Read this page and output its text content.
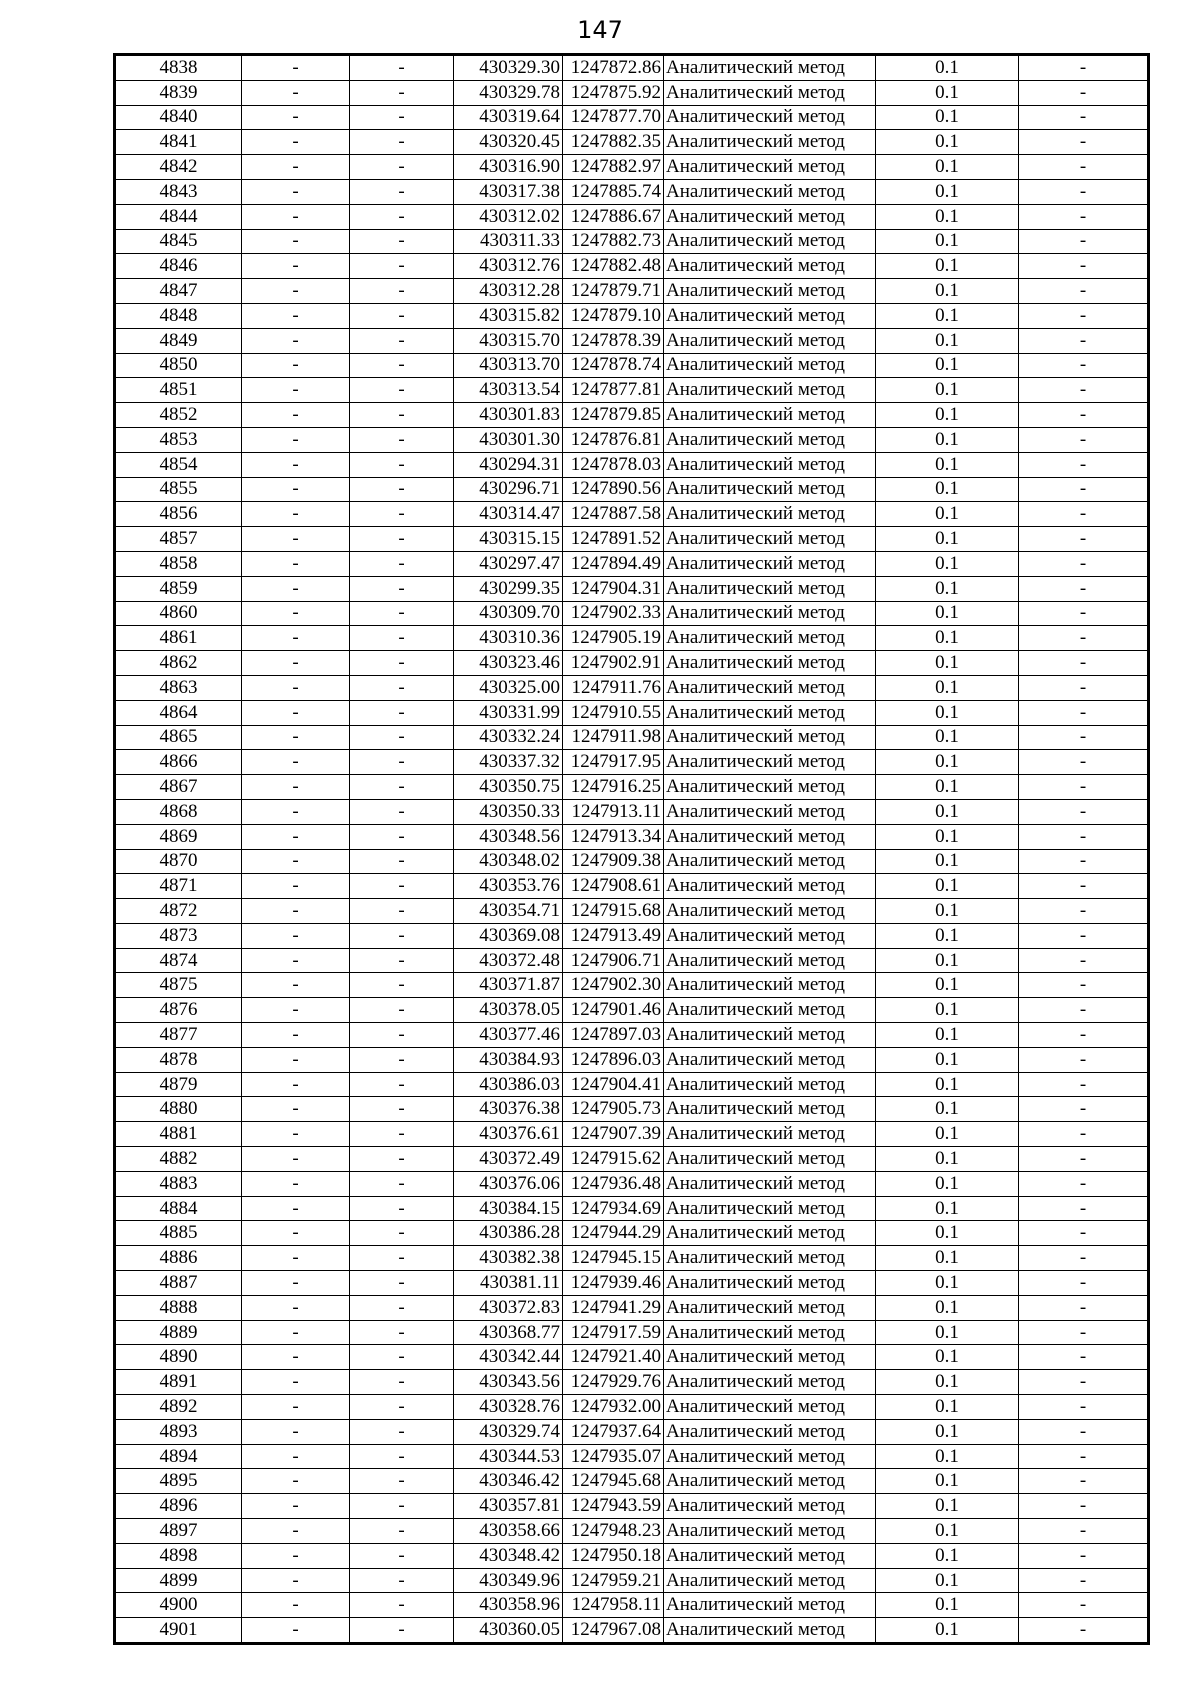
147
4838	-	-	430329.30	1247872.86	Аналитический метод	0.1	-
4839	-	-	430329.78	1247875.92	Аналитический метод	0.1	-
4840	-	-	430319.64	1247877.70	Аналитический метод	0.1	-
4841	-	-	430320.45	1247882.35	Аналитический метод	0.1	-
4842	-	-	430316.90	1247882.97	Аналитический метод	0.1	-
4843	-	-	430317.38	1247885.74	Аналитический метод	0.1	-
4844	-	-	430312.02	1247886.67	Аналитический метод	0.1	-
4845	-	-	430311.33	1247882.73	Аналитический метод	0.1	-
4846	-	-	430312.76	1247882.48	Аналитический метод	0.1	-
4847	-	-	430312.28	1247879.71	Аналитический метод	0.1	-
4848	-	-	430315.82	1247879.10	Аналитический метод	0.1	-
4849	-	-	430315.70	1247878.39	Аналитический метод	0.1	-
4850	-	-	430313.70	1247878.74	Аналитический метод	0.1	-
4851	-	-	430313.54	1247877.81	Аналитический метод	0.1	-
4852	-	-	430301.83	1247879.85	Аналитический метод	0.1	-
4853	-	-	430301.30	1247876.81	Аналитический метод	0.1	-
4854	-	-	430294.31	1247878.03	Аналитический метод	0.1	-
4855	-	-	430296.71	1247890.56	Аналитический метод	0.1	-
4856	-	-	430314.47	1247887.58	Аналитический метод	0.1	-
4857	-	-	430315.15	1247891.52	Аналитический метод	0.1	-
4858	-	-	430297.47	1247894.49	Аналитический метод	0.1	-
4859	-	-	430299.35	1247904.31	Аналитический метод	0.1	-
4860	-	-	430309.70	1247902.33	Аналитический метод	0.1	-
4861	-	-	430310.36	1247905.19	Аналитический метод	0.1	-
4862	-	-	430323.46	1247902.91	Аналитический метод	0.1	-
4863	-	-	430325.00	1247911.76	Аналитический метод	0.1	-
4864	-	-	430331.99	1247910.55	Аналитический метод	0.1	-
4865	-	-	430332.24	1247911.98	Аналитический метод	0.1	-
4866	-	-	430337.32	1247917.95	Аналитический метод	0.1	-
4867	-	-	430350.75	1247916.25	Аналитический метод	0.1	-
4868	-	-	430350.33	1247913.11	Аналитический метод	0.1	-
4869	-	-	430348.56	1247913.34	Аналитический метод	0.1	-
4870	-	-	430348.02	1247909.38	Аналитический метод	0.1	-
4871	-	-	430353.76	1247908.61	Аналитический метод	0.1	-
4872	-	-	430354.71	1247915.68	Аналитический метод	0.1	-
4873	-	-	430369.08	1247913.49	Аналитический метод	0.1	-
4874	-	-	430372.48	1247906.71	Аналитический метод	0.1	-
4875	-	-	430371.87	1247902.30	Аналитический метод	0.1	-
4876	-	-	430378.05	1247901.46	Аналитический метод	0.1	-
4877	-	-	430377.46	1247897.03	Аналитический метод	0.1	-
4878	-	-	430384.93	1247896.03	Аналитический метод	0.1	-
4879	-	-	430386.03	1247904.41	Аналитический метод	0.1	-
4880	-	-	430376.38	1247905.73	Аналитический метод	0.1	-
4881	-	-	430376.61	1247907.39	Аналитический метод	0.1	-
4882	-	-	430372.49	1247915.62	Аналитический метод	0.1	-
4883	-	-	430376.06	1247936.48	Аналитический метод	0.1	-
4884	-	-	430384.15	1247934.69	Аналитический метод	0.1	-
4885	-	-	430386.28	1247944.29	Аналитический метод	0.1	-
4886	-	-	430382.38	1247945.15	Аналитический метод	0.1	-
4887	-	-	430381.11	1247939.46	Аналитический метод	0.1	-
4888	-	-	430372.83	1247941.29	Аналитический метод	0.1	-
4889	-	-	430368.77	1247917.59	Аналитический метод	0.1	-
4890	-	-	430342.44	1247921.40	Аналитический метод	0.1	-
4891	-	-	430343.56	1247929.76	Аналитический метод	0.1	-
4892	-	-	430328.76	1247932.00	Аналитический метод	0.1	-
4893	-	-	430329.74	1247937.64	Аналитический метод	0.1	-
4894	-	-	430344.53	1247935.07	Аналитический метод	0.1	-
4895	-	-	430346.42	1247945.68	Аналитический метод	0.1	-
4896	-	-	430357.81	1247943.59	Аналитический метод	0.1	-
4897	-	-	430358.66	1247948.23	Аналитический метод	0.1	-
4898	-	-	430348.42	1247950.18	Аналитический метод	0.1	-
4899	-	-	430349.96	1247959.21	Аналитический метод	0.1	-
4900	-	-	430358.96	1247958.11	Аналитический метод	0.1	-
4901	-	-	430360.05	1247967.08	Аналитический метод	0.1	-
